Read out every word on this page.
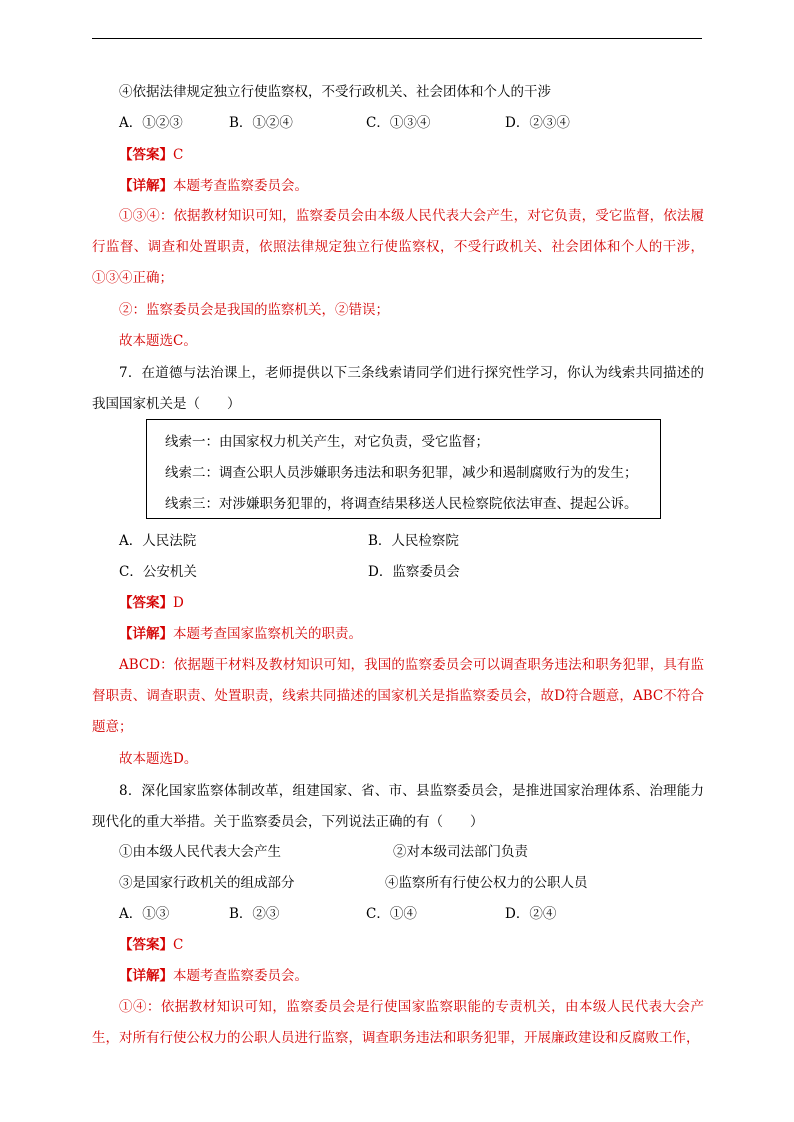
④依据法律规定独立行使监察权，不受行政机关、社会团体和个人的干涉
A．①②③	B．①②④	C．①③④	D．②③④
【答案】C
【详解】本题考查监察委员会。
①③④：依据教材知识可知，监察委员会由本级人民代表大会产生，对它负责，受它监督，依法履行监督、调查和处置职责，依照法律规定独立行使监察权，不受行政机关、社会团体和个人的干涉，①③④正确；
②：监察委员会是我国的监察机关，②错误；
故本题选C。
7．在道德与法治课上，老师提供以下三条线索请同学们进行探究性学习，你认为线索共同描述的我国国家机关是（　　）
线索一：由国家权力机关产生，对它负责，受它监督；
线索二：调查公职人员涉嫌职务违法和职务犯罪，减少和遏制腐败行为的发生；
线索三：对涉嫌职务犯罪的，将调查结果移送人民检察院依法审查、提起公诉。
A．人民法院	B．人民检察院
C．公安机关	D．监察委员会
【答案】D
【详解】本题考查国家监察机关的职责。
ABCD：依据题干材料及教材知识可知，我国的监察委员会可以调查职务违法和职务犯罪，具有监督职责、调查职责、处置职责，线索共同描述的国家机关是指监察委员会，故D符合题意，ABC不符合题意；
故本题选D。
8．深化国家监察体制改革，组建国家、省、市、县监察委员会，是推进国家治理体系、治理能力现代化的重大举措。关于监察委员会，下列说法正确的有（　　）
①由本级人民代表大会产生	②对本级司法部门负责
③是国家行政机关的组成部分	④监察所有行使公权力的公职人员
A．①③	B．②③	C．①④	D．②④
【答案】C
【详解】本题考查监察委员会。
①④：依据教材知识可知，监察委员会是行使国家监察职能的专责机关，由本级人民代表大会产生，对所有行使公权力的公职人员进行监察，调查职务违法和职务犯罪，开展廉政建设和反腐败工作，
